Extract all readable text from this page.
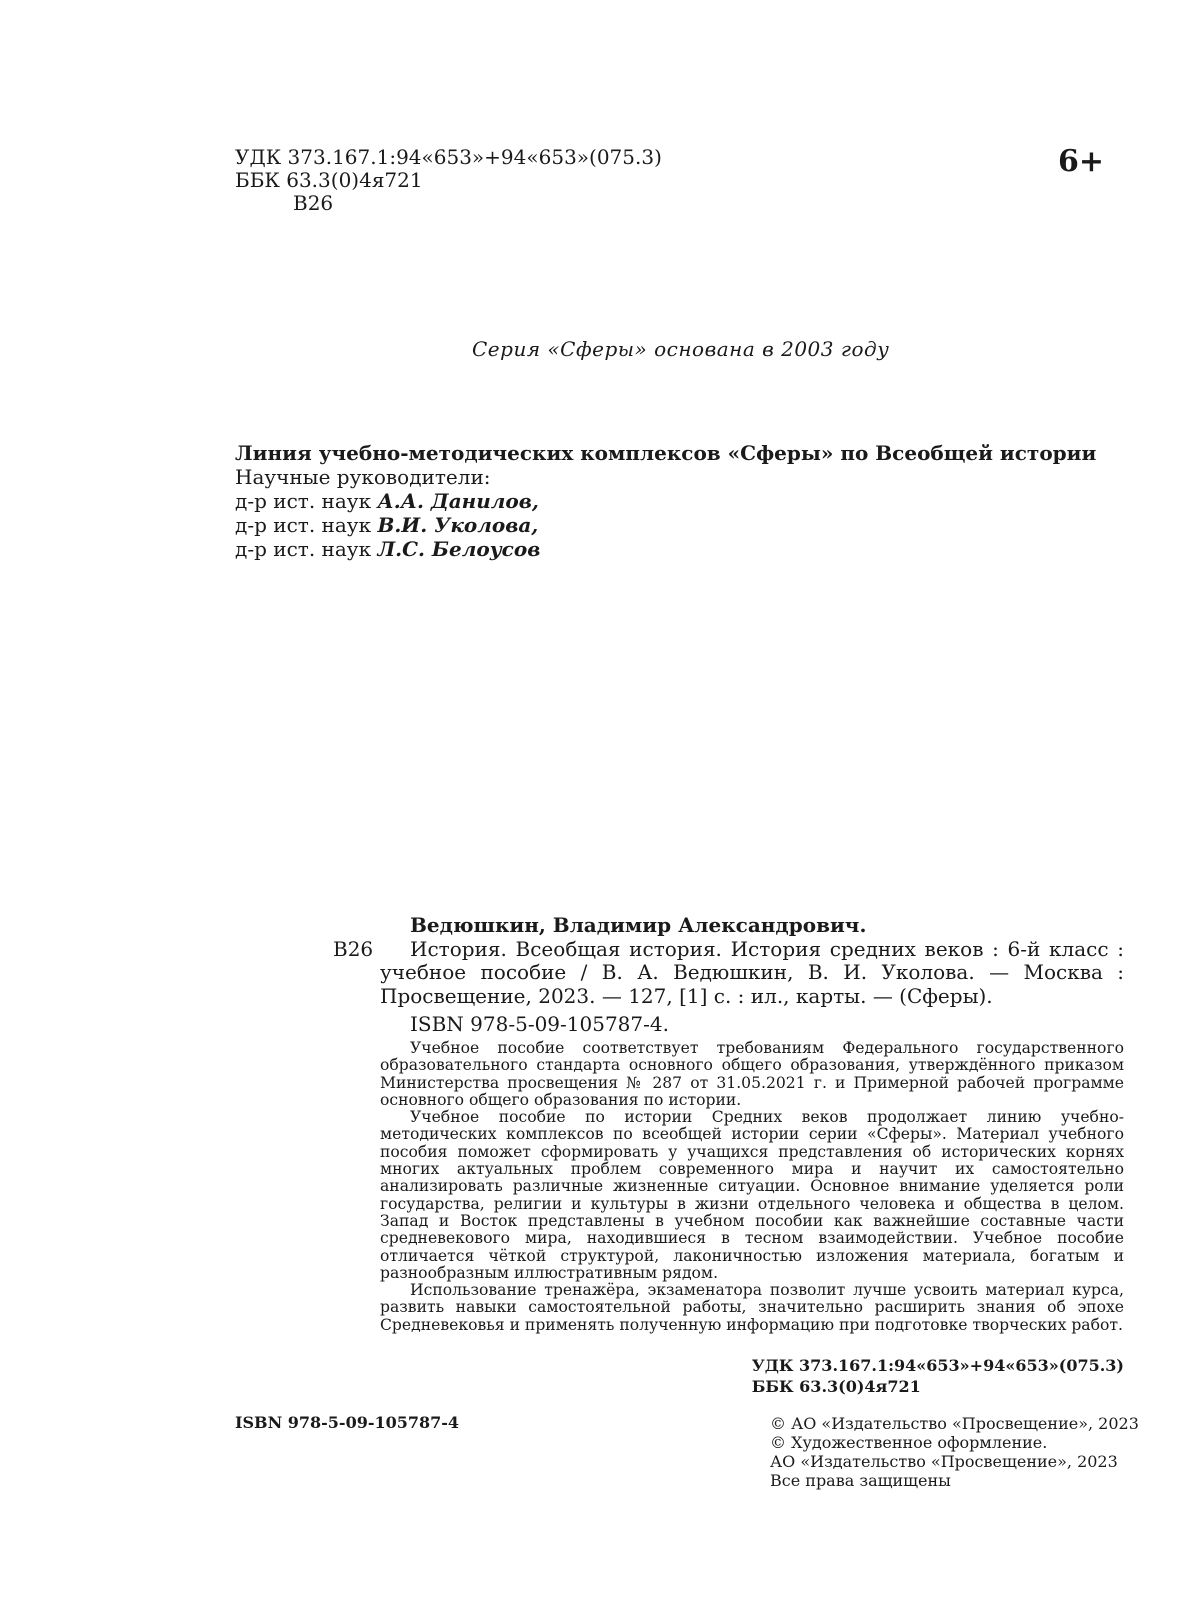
УДК 373.167.1:94«653»+94«653»(075.3)
ББК 63.3(0)4я721
В26
6+
Серия «Сферы» основана в 2003 году
Линия учебно-методических комплексов «Сферы» по Всеобщей истории
Научные руководители:
д-р ист. наук А.А. Данилов,
д-р ист. наук В.И. Уколова,
д-р ист. наук Л.С. Белоусов
В26
Ведюшкин, Владимир Александрович.
История. Всеобщая история. История средних веков : 6-й класс : учебное пособие / В. А. Ведюшкин, В. И. Уколова. — Москва : Просвещение, 2023. — 127, [1] с. : ил., карты. — (Сферы).
ISBN 978-5-09-105787-4.

Учебное пособие соответствует требованиям Федерального государственного образовательного стандарта основного общего образования, утверждённого приказом Министерства просвещения № 287 от 31.05.2021 г. и Примерной рабочей программе основного общего образования по истории.

Учебное пособие по истории Средних веков продолжает линию учебно-методических комплексов по всеобщей истории серии «Сферы». Материал учебного пособия поможет сформировать у учащихся представления об исторических корнях многих актуальных проблем современного мира и научит их самостоятельно анализировать различные жизненные ситуации. Основное внимание уделяется роли государства, религии и культуры в жизни отдельного человека и общества в целом. Запад и Восток представлены в учебном пособии как важнейшие составные части средневекового мира, находившиеся в тесном взаимодействии. Учебное пособие отличается чёткой структурой, лаконичностью изложения материала, богатым и разнообразным иллюстративным рядом.

Использование тренажёра, экзаменатора позволит лучше усвоить материал курса, развить навыки самостоятельной работы, значительно расширить знания об эпохе Средневековья и применять полученную информацию при подготовке творческих работ.

УДК 373.167.1:94«653»+94«653»(075.3)
ББК 63.3(0)4я721
ISBN 978-5-09-105787-4	© АО «Издательство «Просвещение», 2023
© Художественное оформление.
АО «Издательство «Просвещение», 2023
Все права защищены
